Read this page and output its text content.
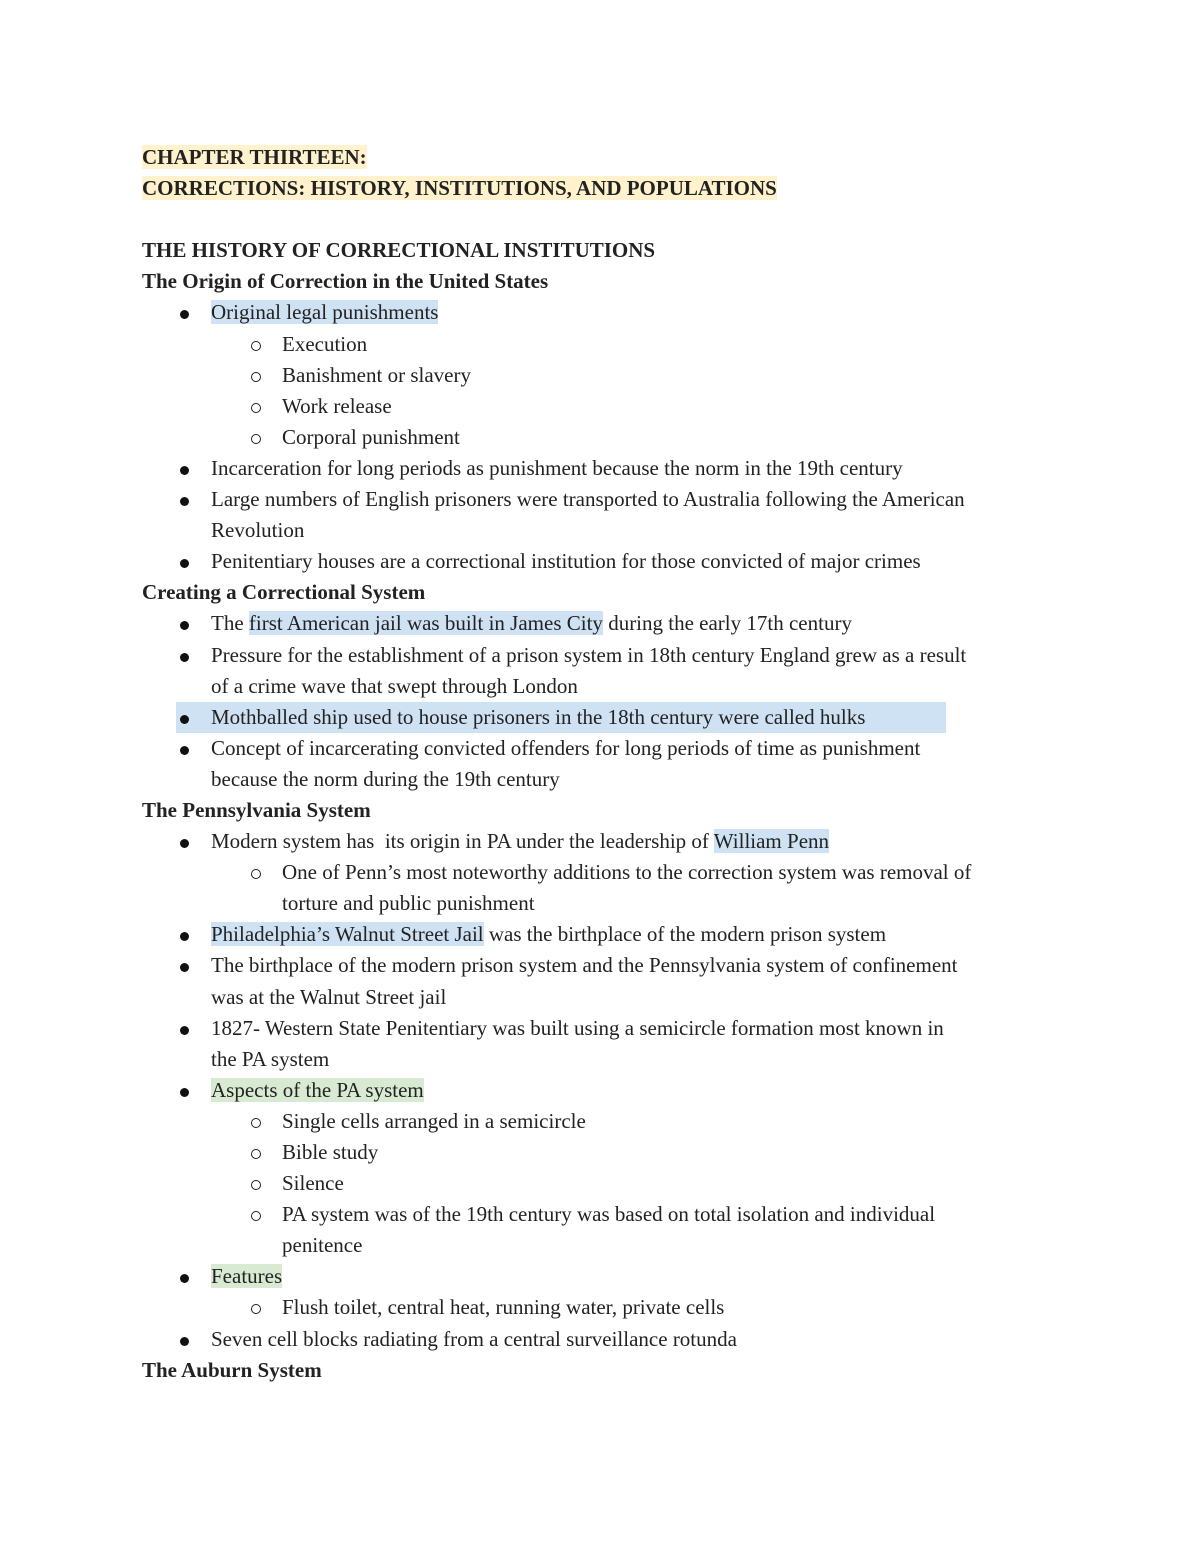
CHAPTER THIRTEEN:
CORRECTIONS: HISTORY, INSTITUTIONS, AND POPULATIONS
THE HISTORY OF CORRECTIONAL INSTITUTIONS
The Origin of Correction in the United States
Original legal punishments
Execution
Banishment or slavery
Work release
Corporal punishment
Incarceration for long periods as punishment because the norm in the 19th century
Large numbers of English prisoners were transported to Australia following the American
Revolution
Penitentiary houses are a correctional institution for those convicted of major crimes
Creating a Correctional System
The first American jail was built in James City during the early 17th century
Pressure for the establishment of a prison system in 18th century England grew as a result
of a crime wave that swept through London
Mothballed ship used to house prisoners in the 18th century were called hulks
Concept of incarcerating convicted offenders for long periods of time as punishment
because the norm during the 19th century
The Pennsylvania System
Modern system has  its origin in PA under the leadership of William Penn
One of Penn’s most noteworthy additions to the correction system was removal of
torture and public punishment
Philadelphia’s Walnut Street Jail was the birthplace of the modern prison system
The birthplace of the modern prison system and the Pennsylvania system of confinement
was at the Walnut Street jail
1827- Western State Penitentiary was built using a semicircle formation most known in
the PA system
Aspects of the PA system
Single cells arranged in a semicircle
Bible study
Silence
PA system was of the 19th century was based on total isolation and individual
penitence
Features
Flush toilet, central heat, running water, private cells
Seven cell blocks radiating from a central surveillance rotunda
The Auburn System
